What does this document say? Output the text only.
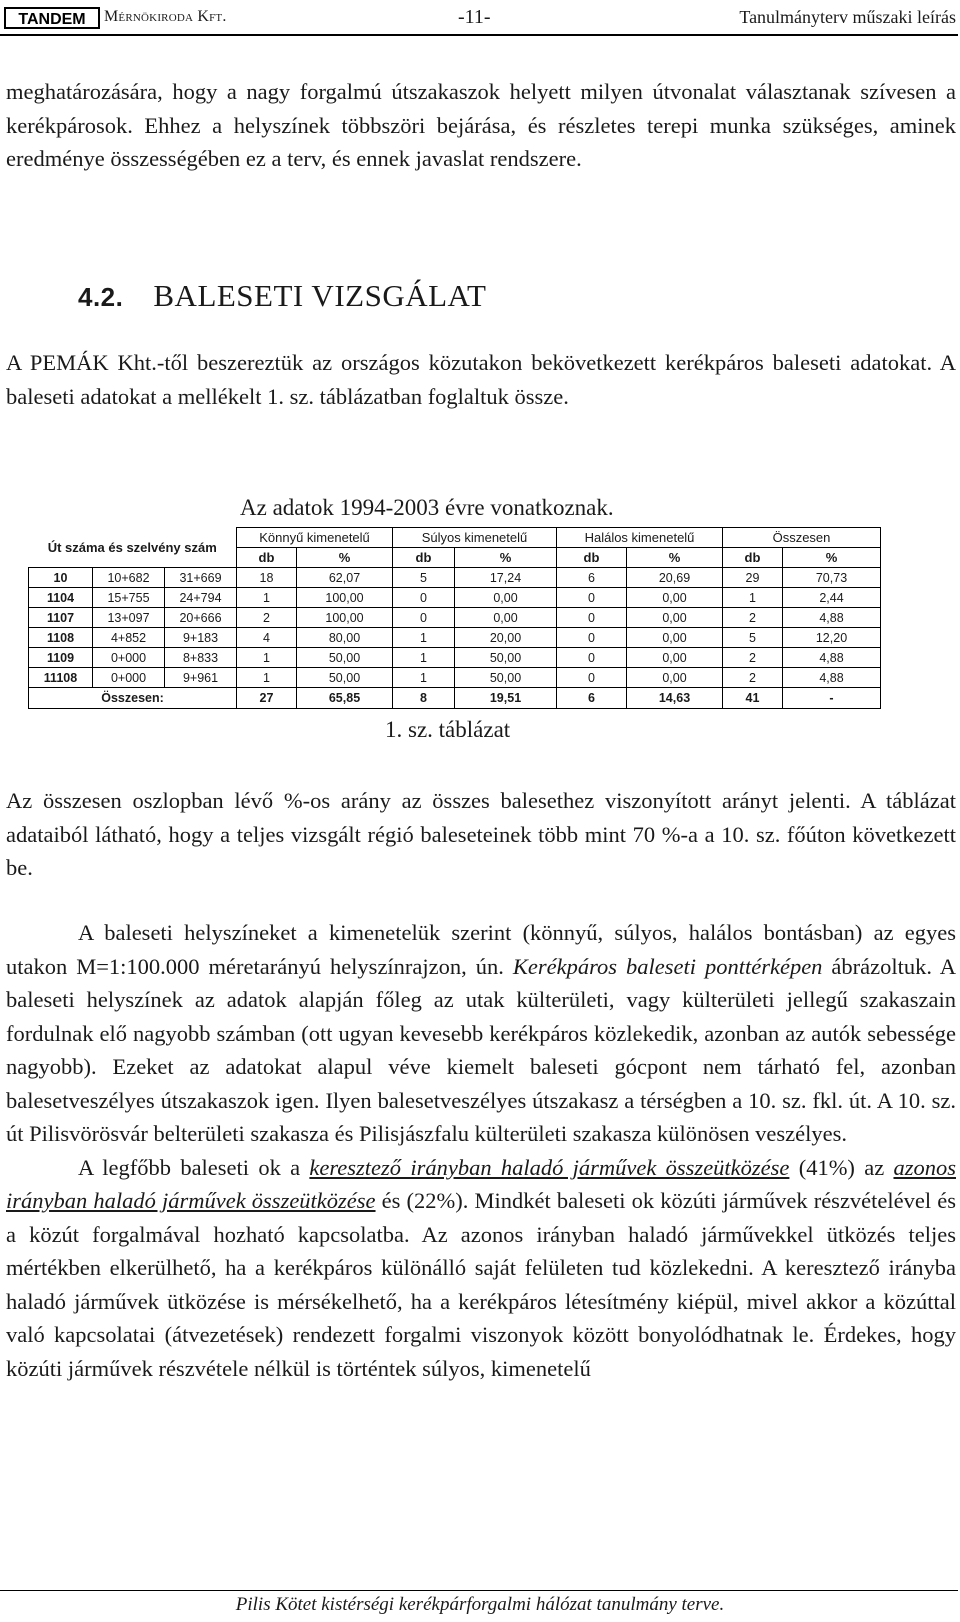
TANDEM Mérnökiroda Kft.	-11-	Tanulmányterv műszaki leírás
meghatározására, hogy a nagy forgalmú útszakaszok helyett milyen útvonalat választanak szívesen a kerékpárosok. Ehhez a helyszínek többszöri bejárása, és részletes terepi munka szükséges, aminek eredménye összességében ez a terv, és ennek javaslat rendszere.
4.2. BALESETI VIZSGÁLAT
A PEMÁK Kht.-től beszereztük az országos közutakon bekövetkezett kerékpáros baleseti adatokat. A baleseti adatokat a mellékelt 1. sz. táblázatban foglaltuk össze.
Az adatok 1994-2003 évre vonatkoznak.
Út száma és szelvény szám			Könnyű kimenetelű		Súlyos kimenetelű		Halálos kimenetelű		Összesen	
			db	%	db	%	db	%	db	%
10	10+682	31+669	18	62,07	5	17,24	6	20,69	29	70,73
1104	15+755	24+794	1	100,00	0	0,00	0	0,00	1	2,44
1107	13+097	20+666	2	100,00	0	0,00	0	0,00	2	4,88
1108	4+852	9+183	4	80,00	1	20,00	0	0,00	5	12,20
1109	0+000	8+833	1	50,00	1	50,00	0	0,00	2	4,88
11108	0+000	9+961	1	50,00	1	50,00	0	0,00	2	4,88
Összesen:			27	65,85	8	19,51	6	14,63	41	-
1. sz. táblázat
Az összesen oszlopban lévő %-os arány az összes balesethez viszonyított arányt jelenti. A táblázat adataiból látható, hogy a teljes vizsgált régió baleseteinek több mint 70 %-a a 10. sz. főúton következett be.
A baleseti helyszíneket a kimenetelük szerint (könnyű, súlyos, halálos bontásban) az egyes utakon M=1:100.000 méretarányú helyszínrajzon, ún. Kerékpáros baleseti ponttérképen ábrázoltuk. A baleseti helyszínek az adatok alapján főleg az utak külterületi, vagy külterületi jellegű szakaszain fordulnak elő nagyobb számban (ott ugyan kevesebb kerékpáros közlekedik, azonban az autók sebessége nagyobb). Ezeket az adatokat alapul véve kiemelt baleseti gócpont nem tárható fel, azonban balesetveszélyes útszakaszok igen. Ilyen balesetveszélyes útszakasz a térségben a 10. sz. fkl. út. A 10. sz. út Pilisvörösvár belterületi szakasza és Pilisjászfalu külterületi szakasza különösen veszélyes.
A legfőbb baleseti ok a keresztező irányban haladó járművek összeütközése (41%) az azonos irányban haladó járművek összeütközése és (22%). Mindkét baleseti ok közúti járművek részvételével és a közút forgalmával hozható kapcsolatba. Az azonos irányban haladó járművekkel ütközés teljes mértékben elkerülhető, ha a kerékpáros különálló saját felületen tud közlekedni. A keresztező irányba haladó járművek ütközése is mérsékelhető, ha a kerékpáros létesítmény kiépül, mivel akkor a közúttal való kapcsolatai (átvezetések) rendezett forgalmi viszonyok között bonyolódhatnak le. Érdekes, hogy közúti járművek részvétele nélkül is történtek súlyos, kimenetelű
Pilis Kötet kistérségi kerékpárforgalmi hálózat tanulmány terve.
